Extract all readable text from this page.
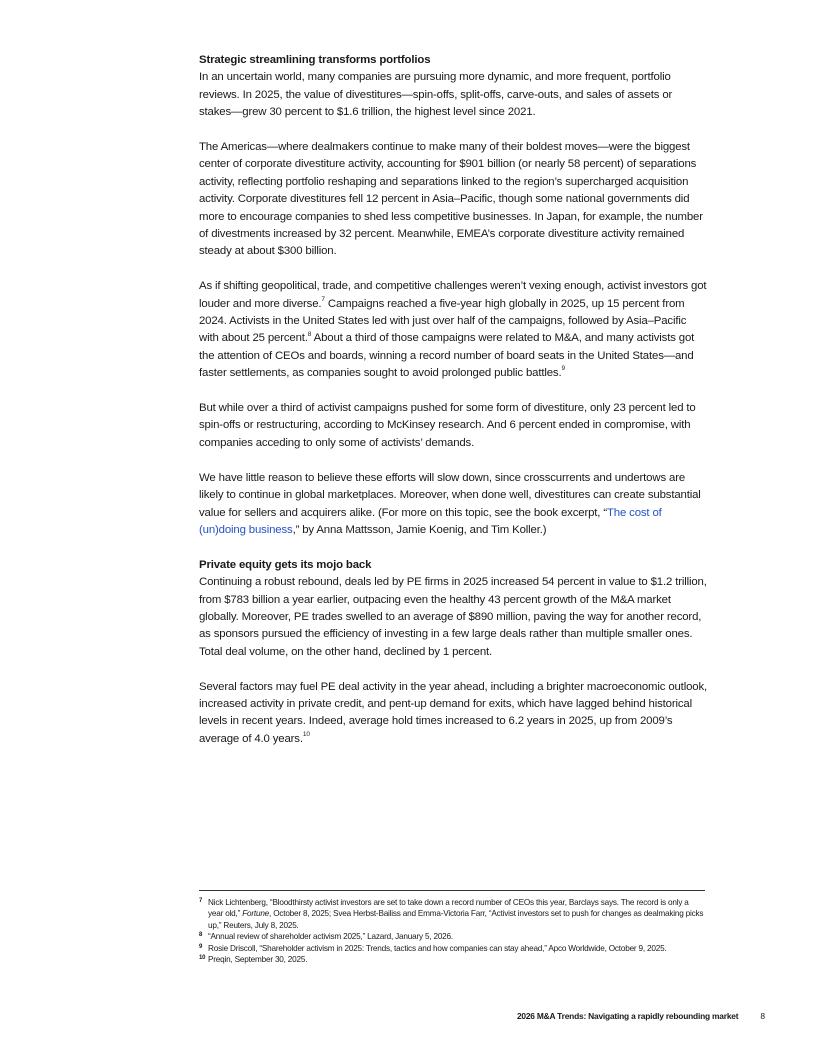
Strategic streamlining transforms portfolios

In an uncertain world, many companies are pursuing more dynamic, and more frequent, portfolio reviews. In 2025, the value of divestitures—spin-offs, split-offs, carve-outs, and sales of assets or stakes—grew 30 percent to $1.6 trillion, the highest level since 2021.

The Americas—where dealmakers continue to make many of their boldest moves—were the biggest center of corporate divestiture activity, accounting for $901 billion (or nearly 58 percent) of separations activity, reflecting portfolio reshaping and separations linked to the region’s supercharged acquisition activity. Corporate divestitures fell 12 percent in Asia–Pacific, though some national governments did more to encourage companies to shed less competitive businesses. In Japan, for example, the number of divestments increased by 32 percent. Meanwhile, EMEA’s corporate divestiture activity remained steady at about $300 billion.

As if shifting geopolitical, trade, and competitive challenges weren’t vexing enough, activist investors got louder and more diverse.$^7$ Campaigns reached a five-year high globally in 2025, up 15 percent from 2024. Activists in the United States led with just over half of the campaigns, followed by Asia–Pacific with about 25 percent.$^8$ About a third of those campaigns were related to M&A, and many activists got the attention of CEOs and boards, winning a record number of board seats in the United States—and faster settlements, as companies sought to avoid prolonged public battles.$^9$

But while over a third of activist campaigns pushed for some form of divestiture, only 23 percent led to spin-offs or restructuring, according to McKinsey research. And 6 percent ended in compromise, with companies acceding to only some of activists’ demands.

We have little reason to believe these efforts will slow down, since crosscurrents and undertows are likely to continue in global marketplaces. Moreover, when done well, divestitures can create substantial value for sellers and acquirers alike. (For more on this topic, see the book excerpt, “The cost of (un)doing business,” by Anna Mattsson, Jamie Koenig, and Tim Koller.)

Private equity gets its mojo back

Continuing a robust rebound, deals led by PE firms in 2025 increased 54 percent in value to $1.2 trillion, from $783 billion a year earlier, outpacing even the healthy 43 percent growth of the M&A market globally. Moreover, PE trades swelled to an average of $890 million, paving the way for another record, as sponsors pursued the efficiency of investing in a few large deals rather than multiple smaller ones. Total deal volume, on the other hand, declined by 1 percent.

Several factors may fuel PE deal activity in the year ahead, including a brighter macroeconomic outlook, increased activity in private credit, and pent-up demand for exits, which have lagged behind historical levels in recent years. Indeed, average hold times increased to 6.2 years in 2025, up from 2009’s average of 4.0 years.$^{10}$

7 Nick Lichtenberg, “Bloodthirsty activist investors are set to take down a record number of CEOs this year, Barclays says. The record is only a year old,” Fortune, October 8, 2025; Svea Herbst-Bailiss and Emma-Victoria Farr, “Activist investors set to push for changes as dealmaking picks up,” Reuters, July 8, 2025.
8 “Annual review of shareholder activism 2025,” Lazard, January 5, 2026.
9 Rosie Driscoll, “Shareholder activism in 2025: Trends, tactics and how companies can stay ahead,” Apco Worldwide, October 9, 2025.
10 Preqin, September 30, 2025.
2026 M&A Trends: Navigating a rapidly rebounding market	8
